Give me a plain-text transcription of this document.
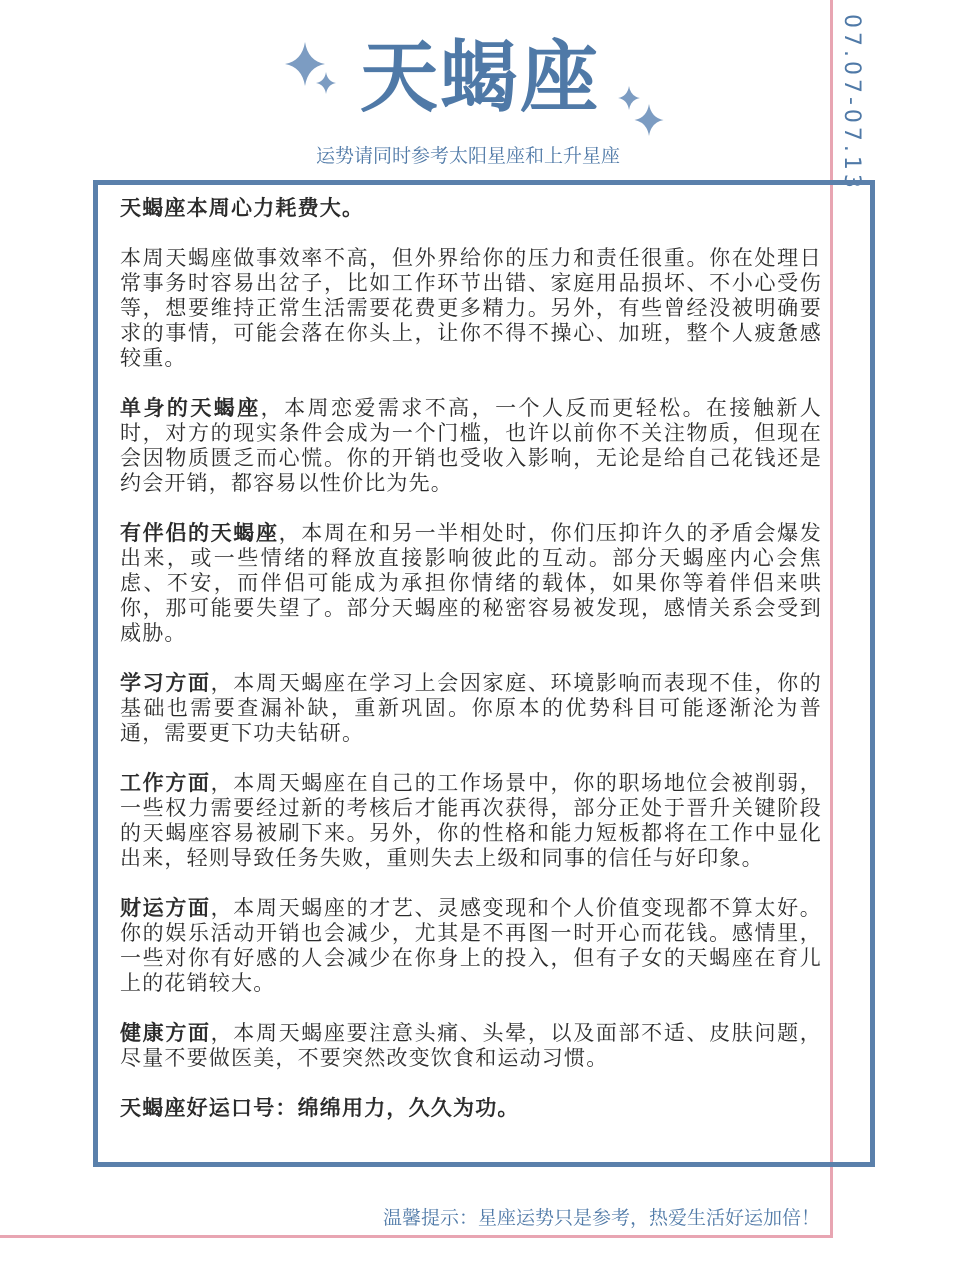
07.07-07.13
天蝎座
运势请同时参考太阳星座和上升星座

天蝎座本周心力耗费大。

本周天蝎座做事效率不高，但外界给你的压力和责任很重。你在处理日常事务时容易出岔子，比如工作环节出错、家庭用品损坏、不小心受伤等，想要维持正常生活需要花费更多精力。另外，有些曾经没被明确要求的事情，可能会落在你头上，让你不得不操心、加班，整个人疲惫感较重。

单身的天蝎座，本周恋爱需求不高，一个人反而更轻松。在接触新人时，对方的现实条件会成为一个门槛，也许以前你不关注物质，但现在会因物质匮乏而心慌。你的开销也受收入影响，无论是给自己花钱还是约会开销，都容易以性价比为先。

有伴侣的天蝎座，本周在和另一半相处时，你们压抑许久的矛盾会爆发出来，或一些情绪的释放直接影响彼此的互动。部分天蝎座内心会焦虑、不安，而伴侣可能成为承担你情绪的载体，如果你等着伴侣来哄你，那可能要失望了。部分天蝎座的秘密容易被发现，感情关系会受到威胁。

学习方面，本周天蝎座在学习上会因家庭、环境影响而表现不佳，你的基础也需要查漏补缺，重新巩固。你原本的优势科目可能逐渐沦为普通，需要更下功夫钻研。

工作方面，本周天蝎座在自己的工作场景中，你的职场地位会被削弱，一些权力需要经过新的考核后才能再次获得，部分正处于晋升关键阶段的天蝎座容易被刷下来。另外，你的性格和能力短板都将在工作中显化出来，轻则导致任务失败，重则失去上级和同事的信任与好印象。

财运方面，本周天蝎座的才艺、灵感变现和个人价值变现都不算太好。你的娱乐活动开销也会减少，尤其是不再图一时开心而花钱。感情里，一些对你有好感的人会减少在你身上的投入，但有子女的天蝎座在育儿上的花销较大。

健康方面，本周天蝎座要注意头痛、头晕，以及面部不适、皮肤问题，尽量不要做医美，不要突然改变饮食和运动习惯。

天蝎座好运口号：绵绵用力，久久为功。

温馨提示：星座运势只是参考，热爱生活好运加倍！
